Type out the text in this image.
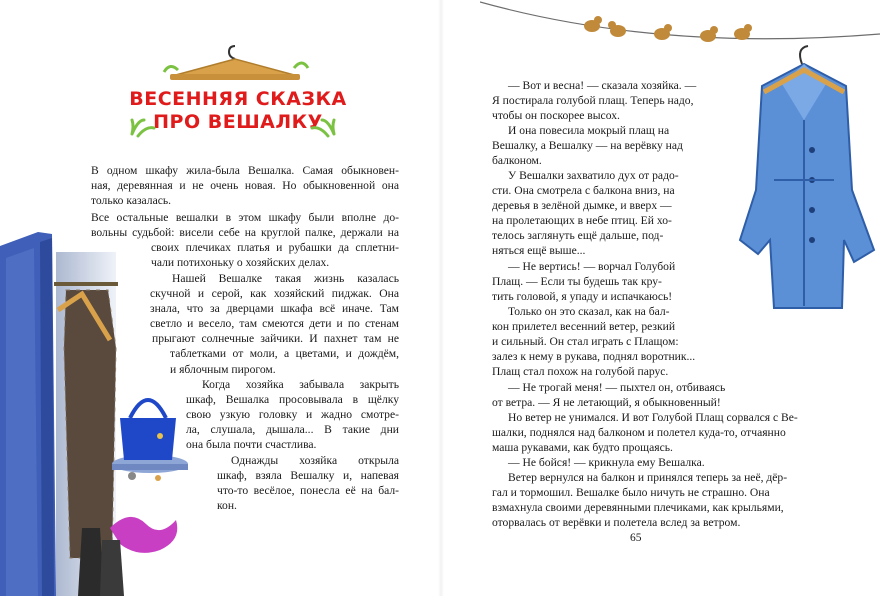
ВЕСЕННЯЯ СКАЗКА
ПРО ВЕШАЛКУ
В одном шкафу жила-была Вешалка. Самая обыкновен-
ная, деревянная и не очень новая. Но обыкновенной она
только казалась.
Все остальные вешалки в этом шкафу были вполне до-
вольны судьбой: висели себе на круглой палке, держали на
своих плечиках платья и рубашки да сплетни-
чали потихоньку о хозяйских делах.
Нашей Вешалке такая жизнь казалась
скучной и серой, как хозяйский пиджак. Она
знала, что за дверцами шкафа всё иначе. Там
светло и весело, там смеются дети и по стенам
прыгают солнечные зайчики. И пахнет там не
таблетками от моли, а цветами, и дождём,
и яблочным пирогом.
Когда хозяйка забывала закрыть
шкаф, Вешалка просовывала в щёлку
свою узкую головку и жадно смотре-
ла, слушала, дышала... В такие дни
она была почти счастлива.
Однажды хозяйка открыла
шкаф, взяла Вешалку и, напевая
что-то весёлое, понесла её на бал-
кон.
— Вот и весна! — сказала хозяйка. —
Я постирала голубой плащ. Теперь надо,
чтобы он поскорее высох.
И она повесила мокрый плащ на
Вешалку, а Вешалку — на верёвку над
балконом.
У Вешалки захватило дух от радо-
сти. Она смотрела с балкона вниз, на
деревья в зелёной дымке, и вверх —
на пролетающих в небе птиц. Ей хо-
телось заглянуть ещё дальше, под-
няться ещё выше...
— Не вертись! — ворчал Голубой
Плащ. — Если ты будешь так кру-
тить головой, я упаду и испачкаюсь!
Только он это сказал, как на бал-
кон прилетел весенний ветер, резкий
и сильный. Он стал играть с Плащом:
залез к нему в рукава, поднял воротник...
Плащ стал похож на голубой парус.
— Не трогай меня! — пыхтел он, отбиваясь
от ветра. — Я не летающий, я обыкновенный!
Но ветер не унимался. И вот Голубой Плащ сорвался с Ве-
шалки, поднялся над балконом и полетел куда-то, отчаянно
маша рукавами, как будто прощаясь.
— Не бойся! — крикнула ему Вешалка.
Ветер вернулся на балкон и принялся теперь за неё, дёр-
гал и тормошил. Вешалке было ничуть не страшно. Она
взмахнула своими деревянными плечиками, как крыльями,
оторвалась от верёвки и полетела вслед за ветром.
65
